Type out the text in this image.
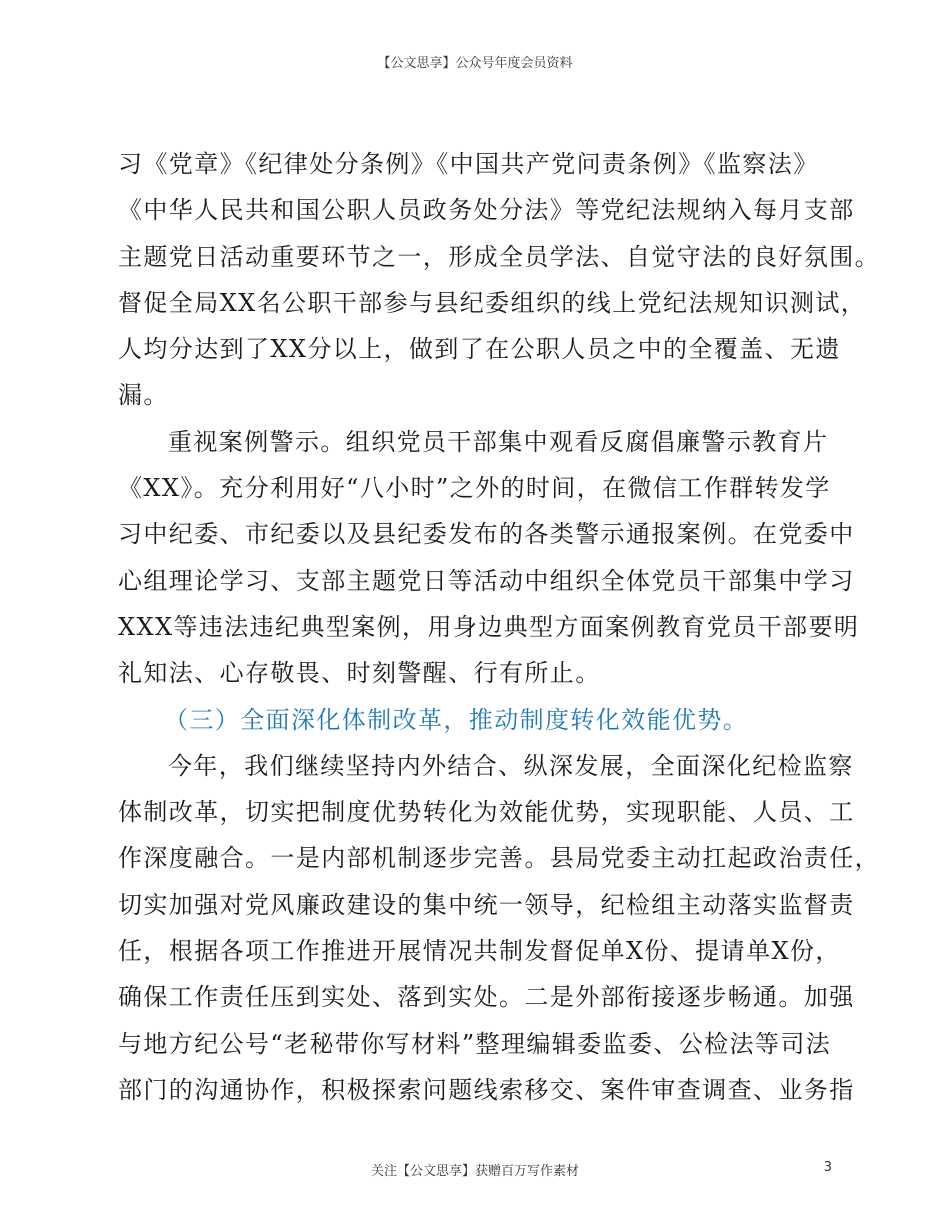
【公文思享】公众号年度会员资料
习《党章》《纪律处分条例》《中国共产党问责条例》《监察法》
《中华人民共和国公职人员政务处分法》等党纪法规纳入每月支部
主题党日活动重要环节之一，形成全员学法、自觉守法的良好氛围。
督促全局XX名公职干部参与县纪委组织的线上党纪法规知识测试，
人均分达到了XX分以上，做到了在公职人员之中的全覆盖、无遗
漏。
重视案例警示。组织党员干部集中观看反腐倡廉警示教育片
《XX》。充分利用好“八小时”之外的时间，在微信工作群转发学
习中纪委、市纪委以及县纪委发布的各类警示通报案例。在党委中
心组理论学习、支部主题党日等活动中组织全体党员干部集中学习
XXX等违法违纪典型案例，用身边典型方面案例教育党员干部要明
礼知法、心存敬畏、时刻警醒、行有所止。
（三）全面深化体制改革，推动制度转化效能优势。
今年，我们继续坚持内外结合、纵深发展，全面深化纪检监察
体制改革，切实把制度优势转化为效能优势，实现职能、人员、工
作深度融合。一是内部机制逐步完善。县局党委主动扛起政治责任，
切实加强对党风廉政建设的集中统一领导，纪检组主动落实监督责
任，根据各项工作推进开展情况共制发督促单X份、提请单X份，
确保工作责任压到实处、落到实处。二是外部衔接逐步畅通。加强
与地方纪公号“老秘带你写材料”整理编辑委监委、公检法等司法
部门的沟通协作，积极探索问题线索移交、案件审查调查、业务指
关注【公文思享】获赠百万写作素材	3
